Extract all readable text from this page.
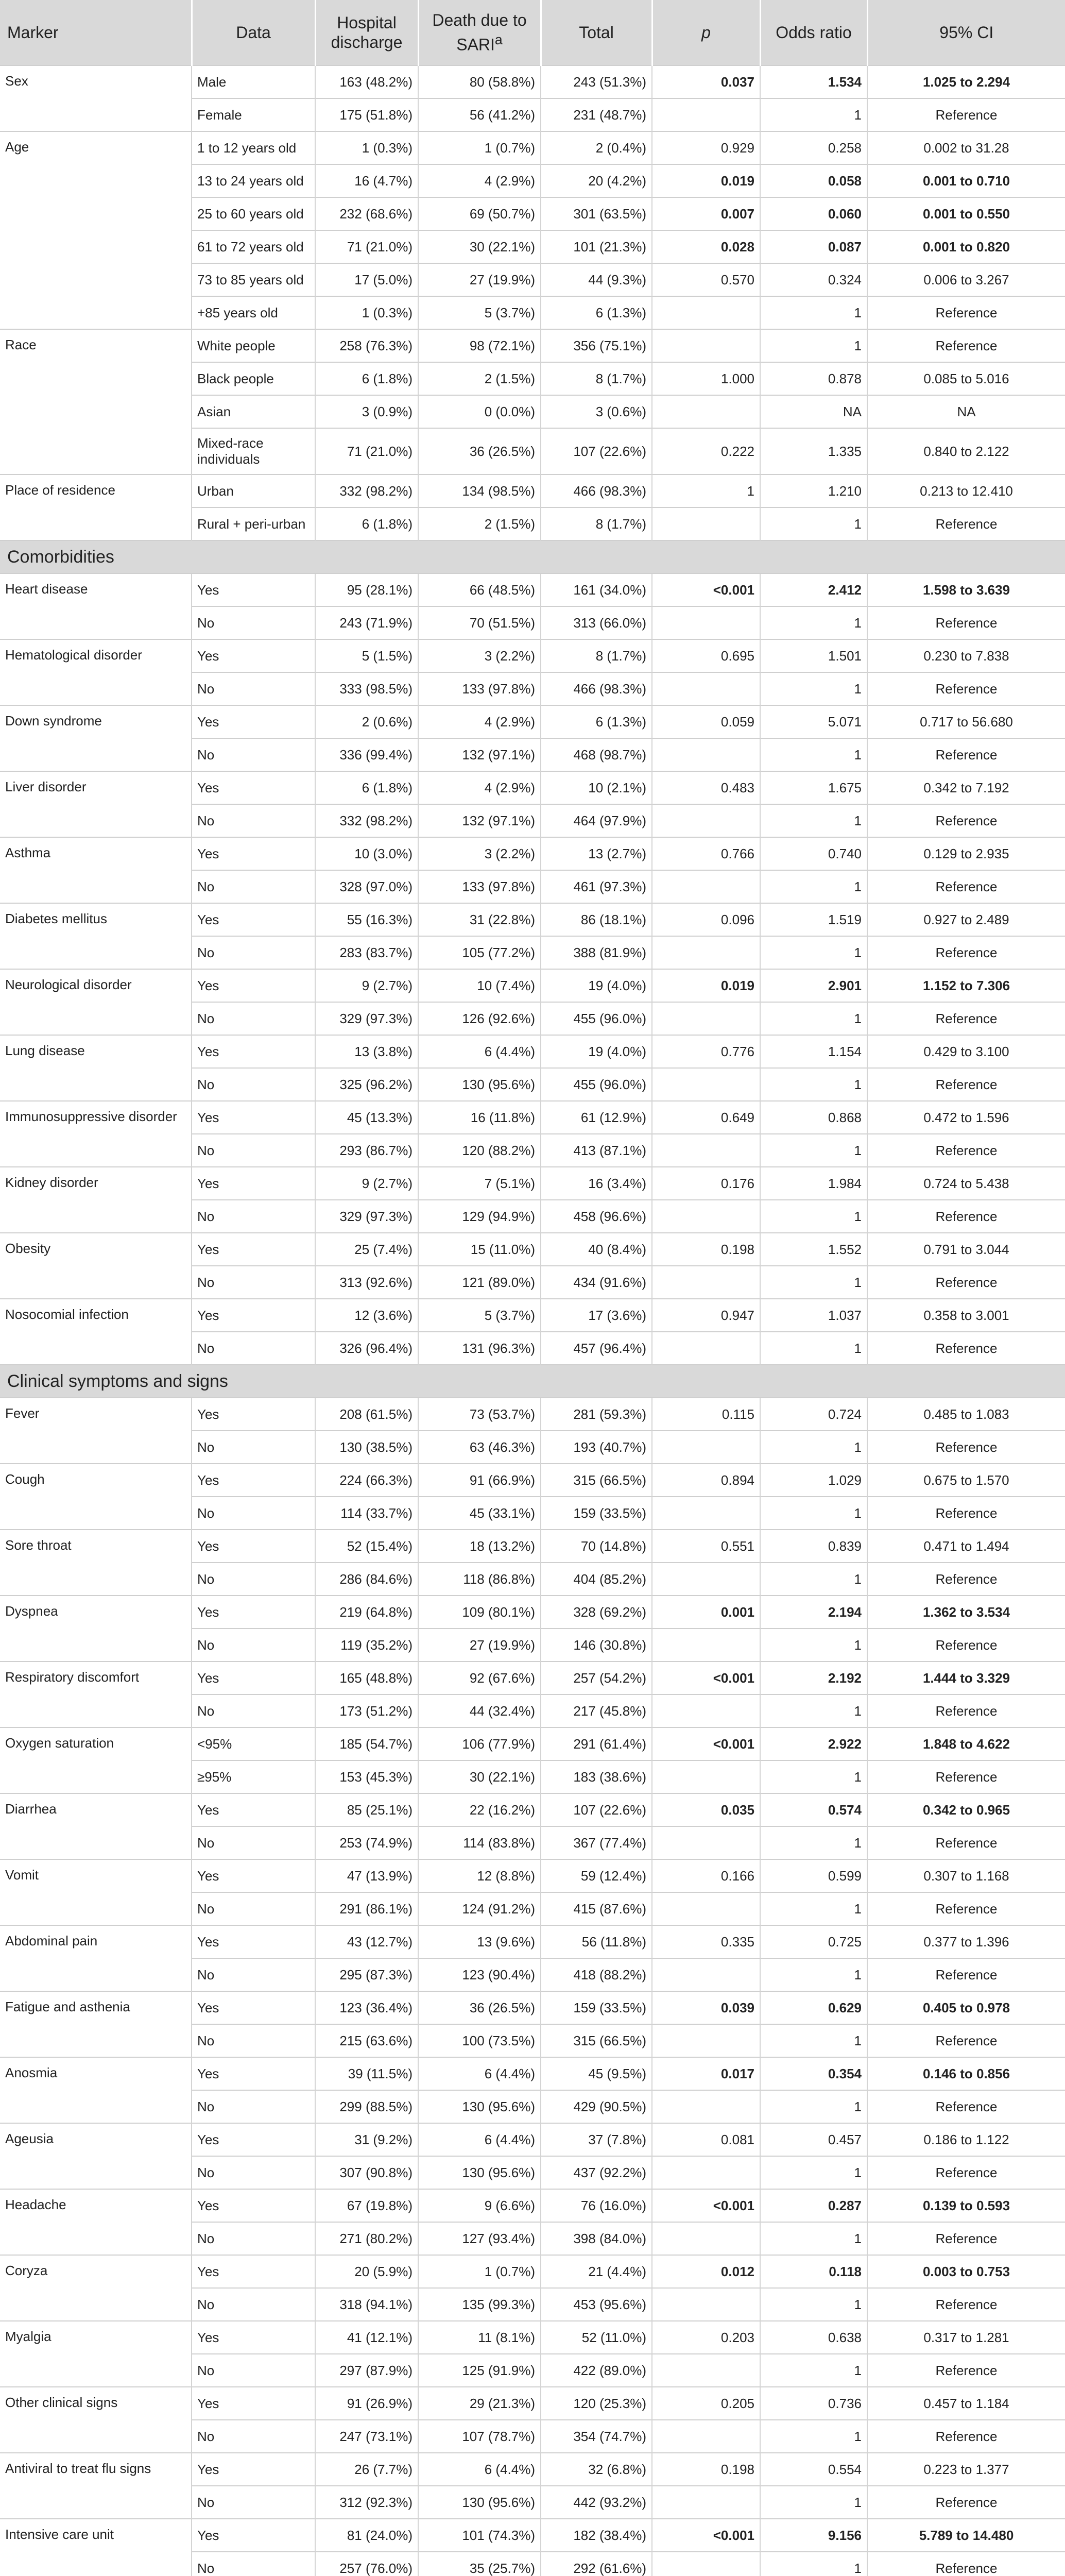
Marker	Data	Hospital discharge	Death due to SARI$^a$	Total	p	Odds ratio	95% CI
Sex	Male	163 (48.2%)	80 (58.8%)	243 (51.3%)	0.037	1.534	1.025 to 2.294
	Female	175 (51.8%)	56 (41.2%)	231 (48.7%)		1	Reference
Age	1 to 12 years old	1 (0.3%)	1 (0.7%)	2 (0.4%)	0.929	0.258	0.002 to 31.28
	13 to 24 years old	16 (4.7%)	4 (2.9%)	20 (4.2%)	0.019	0.058	0.001 to 0.710
	25 to 60 years old	232 (68.6%)	69 (50.7%)	301 (63.5%)	0.007	0.060	0.001 to 0.550
	61 to 72 years old	71 (21.0%)	30 (22.1%)	101 (21.3%)	0.028	0.087	0.001 to 0.820
	73 to 85 years old	17 (5.0%)	27 (19.9%)	44 (9.3%)	0.570	0.324	0.006 to 3.267
	+85 years old	1 (0.3%)	5 (3.7%)	6 (1.3%)		1	Reference
Race	White people	258 (76.3%)	98 (72.1%)	356 (75.1%)		1	Reference
	Black people	6 (1.8%)	2 (1.5%)	8 (1.7%)	1.000	0.878	0.085 to 5.016
	Asian	3 (0.9%)	0 (0.0%)	3 (0.6%)		NA	NA
	Mixed-race individuals	71 (21.0%)	36 (26.5%)	107 (22.6%)	0.222	1.335	0.840 to 2.122
Place of residence	Urban	332 (98.2%)	134 (98.5%)	466 (98.3%)	1	1.210	0.213 to 12.410
	Rural + peri-urban	6 (1.8%)	2 (1.5%)	8 (1.7%)		1	Reference
Comorbidities							
Heart disease	Yes	95 (28.1%)	66 (48.5%)	161 (34.0%)	<0.001	2.412	1.598 to 3.639
	No	243 (71.9%)	70 (51.5%)	313 (66.0%)		1	Reference
Hematological disorder	Yes	5 (1.5%)	3 (2.2%)	8 (1.7%)	0.695	1.501	0.230 to 7.838
	No	333 (98.5%)	133 (97.8%)	466 (98.3%)		1	Reference
Down syndrome	Yes	2 (0.6%)	4 (2.9%)	6 (1.3%)	0.059	5.071	0.717 to 56.680
	No	336 (99.4%)	132 (97.1%)	468 (98.7%)		1	Reference
Liver disorder	Yes	6 (1.8%)	4 (2.9%)	10 (2.1%)	0.483	1.675	0.342 to 7.192
	No	332 (98.2%)	132 (97.1%)	464 (97.9%)		1	Reference
Asthma	Yes	10 (3.0%)	3 (2.2%)	13 (2.7%)	0.766	0.740	0.129 to 2.935
	No	328 (97.0%)	133 (97.8%)	461 (97.3%)		1	Reference
Diabetes mellitus	Yes	55 (16.3%)	31 (22.8%)	86 (18.1%)	0.096	1.519	0.927 to 2.489
	No	283 (83.7%)	105 (77.2%)	388 (81.9%)		1	Reference
Neurological disorder	Yes	9 (2.7%)	10 (7.4%)	19 (4.0%)	0.019	2.901	1.152 to 7.306
	No	329 (97.3%)	126 (92.6%)	455 (96.0%)		1	Reference
Lung disease	Yes	13 (3.8%)	6 (4.4%)	19 (4.0%)	0.776	1.154	0.429 to 3.100
	No	325 (96.2%)	130 (95.6%)	455 (96.0%)		1	Reference
Immunosuppressive disorder	Yes	45 (13.3%)	16 (11.8%)	61 (12.9%)	0.649	0.868	0.472 to 1.596
	No	293 (86.7%)	120 (88.2%)	413 (87.1%)		1	Reference
Kidney disorder	Yes	9 (2.7%)	7 (5.1%)	16 (3.4%)	0.176	1.984	0.724 to 5.438
	No	329 (97.3%)	129 (94.9%)	458 (96.6%)		1	Reference
Obesity	Yes	25 (7.4%)	15 (11.0%)	40 (8.4%)	0.198	1.552	0.791 to 3.044
	No	313 (92.6%)	121 (89.0%)	434 (91.6%)		1	Reference
Nosocomial infection	Yes	12 (3.6%)	5 (3.7%)	17 (3.6%)	0.947	1.037	0.358 to 3.001
	No	326 (96.4%)	131 (96.3%)	457 (96.4%)		1	Reference
Clinical symptoms and signs							
Fever	Yes	208 (61.5%)	73 (53.7%)	281 (59.3%)	0.115	0.724	0.485 to 1.083
	No	130 (38.5%)	63 (46.3%)	193 (40.7%)		1	Reference
Cough	Yes	224 (66.3%)	91 (66.9%)	315 (66.5%)	0.894	1.029	0.675 to 1.570
	No	114 (33.7%)	45 (33.1%)	159 (33.5%)		1	Reference
Sore throat	Yes	52 (15.4%)	18 (13.2%)	70 (14.8%)	0.551	0.839	0.471 to 1.494
	No	286 (84.6%)	118 (86.8%)	404 (85.2%)		1	Reference
Dyspnea	Yes	219 (64.8%)	109 (80.1%)	328 (69.2%)	0.001	2.194	1.362 to 3.534
	No	119 (35.2%)	27 (19.9%)	146 (30.8%)		1	Reference
Respiratory discomfort	Yes	165 (48.8%)	92 (67.6%)	257 (54.2%)	<0.001	2.192	1.444 to 3.329
	No	173 (51.2%)	44 (32.4%)	217 (45.8%)		1	Reference
Oxygen saturation	<95%	185 (54.7%)	106 (77.9%)	291 (61.4%)	<0.001	2.922	1.848 to 4.622
	≥95%	153 (45.3%)	30 (22.1%)	183 (38.6%)		1	Reference
Diarrhea	Yes	85 (25.1%)	22 (16.2%)	107 (22.6%)	0.035	0.574	0.342 to 0.965
	No	253 (74.9%)	114 (83.8%)	367 (77.4%)		1	Reference
Vomit	Yes	47 (13.9%)	12 (8.8%)	59 (12.4%)	0.166	0.599	0.307 to 1.168
	No	291 (86.1%)	124 (91.2%)	415 (87.6%)		1	Reference
Abdominal pain	Yes	43 (12.7%)	13 (9.6%)	56 (11.8%)	0.335	0.725	0.377 to 1.396
	No	295 (87.3%)	123 (90.4%)	418 (88.2%)		1	Reference
Fatigue and asthenia	Yes	123 (36.4%)	36 (26.5%)	159 (33.5%)	0.039	0.629	0.405 to 0.978
	No	215 (63.6%)	100 (73.5%)	315 (66.5%)		1	Reference
Anosmia	Yes	39 (11.5%)	6 (4.4%)	45 (9.5%)	0.017	0.354	0.146 to 0.856
	No	299 (88.5%)	130 (95.6%)	429 (90.5%)		1	Reference
Ageusia	Yes	31 (9.2%)	6 (4.4%)	37 (7.8%)	0.081	0.457	0.186 to 1.122
	No	307 (90.8%)	130 (95.6%)	437 (92.2%)		1	Reference
Headache	Yes	67 (19.8%)	9 (6.6%)	76 (16.0%)	<0.001	0.287	0.139 to 0.593
	No	271 (80.2%)	127 (93.4%)	398 (84.0%)		1	Reference
Coryza	Yes	20 (5.9%)	1 (0.7%)	21 (4.4%)	0.012	0.118	0.003 to 0.753
	No	318 (94.1%)	135 (99.3%)	453 (95.6%)		1	Reference
Myalgia	Yes	41 (12.1%)	11 (8.1%)	52 (11.0%)	0.203	0.638	0.317 to 1.281
	No	297 (87.9%)	125 (91.9%)	422 (89.0%)		1	Reference
Other clinical signs	Yes	91 (26.9%)	29 (21.3%)	120 (25.3%)	0.205	0.736	0.457 to 1.184
	No	247 (73.1%)	107 (78.7%)	354 (74.7%)		1	Reference
Antiviral to treat flu signs	Yes	26 (7.7%)	6 (4.4%)	32 (6.8%)	0.198	0.554	0.223 to 1.377
	No	312 (92.3%)	130 (95.6%)	442 (93.2%)		1	Reference
Intensive care unit	Yes	81 (24.0%)	101 (74.3%)	182 (38.4%)	<0.001	9.156	5.789 to 14.480
	No	257 (76.0%)	35 (25.7%)	292 (61.6%)		1	Reference
